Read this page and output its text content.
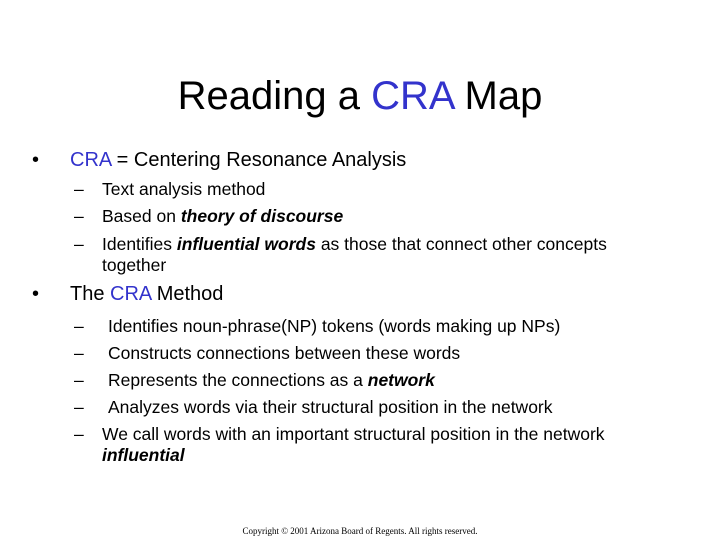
Reading a CRA Map
• CRA = Centering Resonance Analysis
– Text analysis method
– Based on theory of discourse
– Identifies influential words as those that connect other concepts
together
• The CRA Method
– Identifies noun-phrase(NP) tokens (words making up NPs)
– Constructs connections between these words
– Represents the connections as a network
– Analyzes words via their structural position in the network
– We call words with an important structural position in the network
influential
Copyright © 2001 Arizona Board of Regents. All rights reserved.
